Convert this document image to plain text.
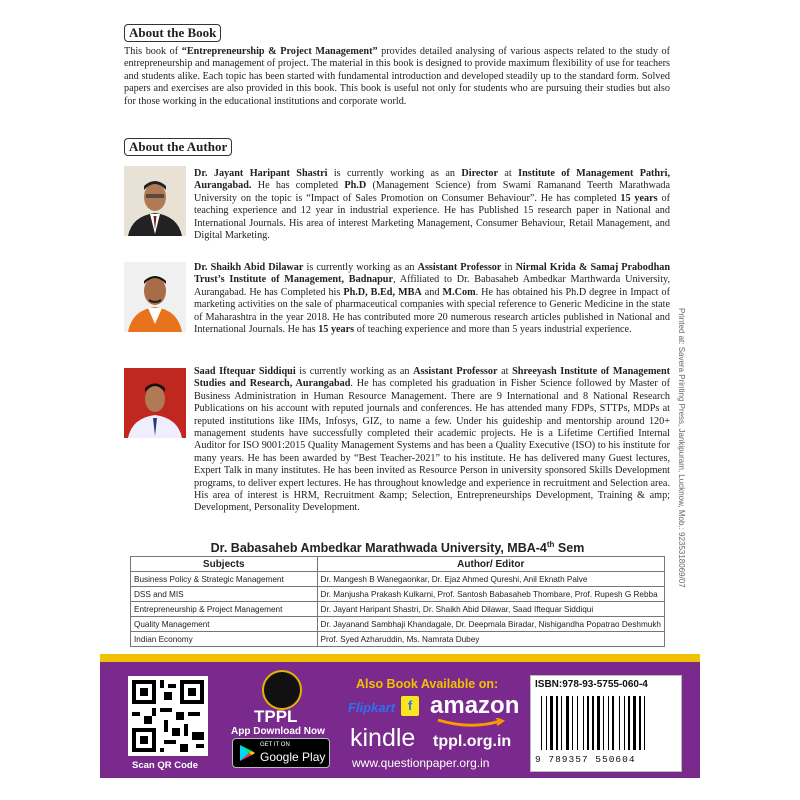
About the Book
This book of “Entrepreneurship & Project Management” provides detailed analysing of various aspects related to the study of entrepreneurship and management of project. The material in this book is designed to provide maximum flexibility of use for teachers and students alike. Each topic has been started with fundamental introduction and developed steadily up to the standard form. Solved papers and exercises are also provided in this book. This book is useful not only for students who are pursuing their studies but also for those working in the educational institutions and corporate world.
About the Author
Dr. Jayant Haripant Shastri is currently working as an Director at Institute of Management Pathri, Aurangabad. He has completed Ph.D (Management Science) from Swami Ramanand Teerth Marathwada University on the topic is “Impact of Sales Promotion on Consumer Behaviour”. He has completed 15 years of teaching experience and 12 year in industrial experience. He has Published 15 research paper in National and International Journals. His area of interest Marketing Management, Consumer Behaviour, Retail Management, and Digital Marketing.
Dr. Shaikh Abid Dilawar is currently working as an Assistant Professor in Nirmal Krida & Samaj Prabodhan Trust’s Institute of Management, Badnapur, Affiliated to Dr. Babasaheb Ambedkar Marthwarda University, Aurangabad. He has Completed his Ph.D, B.Ed, MBA and M.Com. He has obtained his Ph.D degree in Impact of marketing activities on the sale of pharmaceutical companies with special reference to Generic Medicine in the state of Maharashtra in the year 2018. He has contributed more 20 numerous research articles published in National and International Journals. He has 15 years of teaching experience and more than 5 years industrial experience.
Saad Iftequar Siddiqui is currently working as an Assistant Professor at Shreeyash Institute of Management Studies and Research, Aurangabad. He has completed his graduation in Fisher Science followed by Master of Business Administration in Human Resource Management. There are 9 International and 8 National Research Publications on his account with reputed journals and conferences. He has attended many FDPs, STTPs, MDPs at reputed institutions like IIMs, Infosys, GIZ, to name a few. Under his guideship and mentorship around 120+ management students have successfully completed their academic projects. He is a Lifetime Certified Internal Auditor for ISO 9001:2015 Quality Management Systems and has been a Quality Executive (ISO) to his institute for many years. He has been awarded by “Best Teacher-2021” to his institute. He has delivered many Guest lectures, Expert Talk in many institutes. He has been invited as Resource Person in university sponsored Skills Development programs, to deliver expert lectures. He has throughout knowledge and experience in recruitment and Selection area. His area of interest is HRM, Recruitment &amp; Selection, Entrepreneurships Development, Training & amp; Development, Personality Development.	Printed at: Savera Printing Press, Jankipuram, Lucknow, Mob.: 9235318069/07
Dr. Babasaheb Ambedkar Marathwada University, MBA-4th Sem
Subjects	Author/ Editor
Business Policy & Strategic Management	Dr. Mangesh B Wanegaonkar, Dr. Ejaz Ahmed Qureshi, Anil Eknath Palve
DSS and MIS	Dr. Manjusha Prakash Kulkarni, Prof. Santosh Babasaheb Thombare, Prof. Rupesh G Rebba
Entrepreneurship & Project Management	Dr. Jayant Haripant Shastri, Dr. Shaikh Abid Dilawar, Saad Iftequar Siddiqui
Quality Management	Dr. Jayanand Sambhaji Khandagale, Dr. Deepmala Biradar, Nishigandha Popatrao Deshmukh
Indian Economy	Prof. Syed Azharuddin, Ms. Namrata Dubey
Scan QR Code
TPPL
App Download Now
GET IT ON
Google Play
Also Book Available on:
Flipkart f amazon
kindle tppl.org.in
www.questionpaper.org.in
ISBN:978-93-5755-060-4
9 789357 550604
